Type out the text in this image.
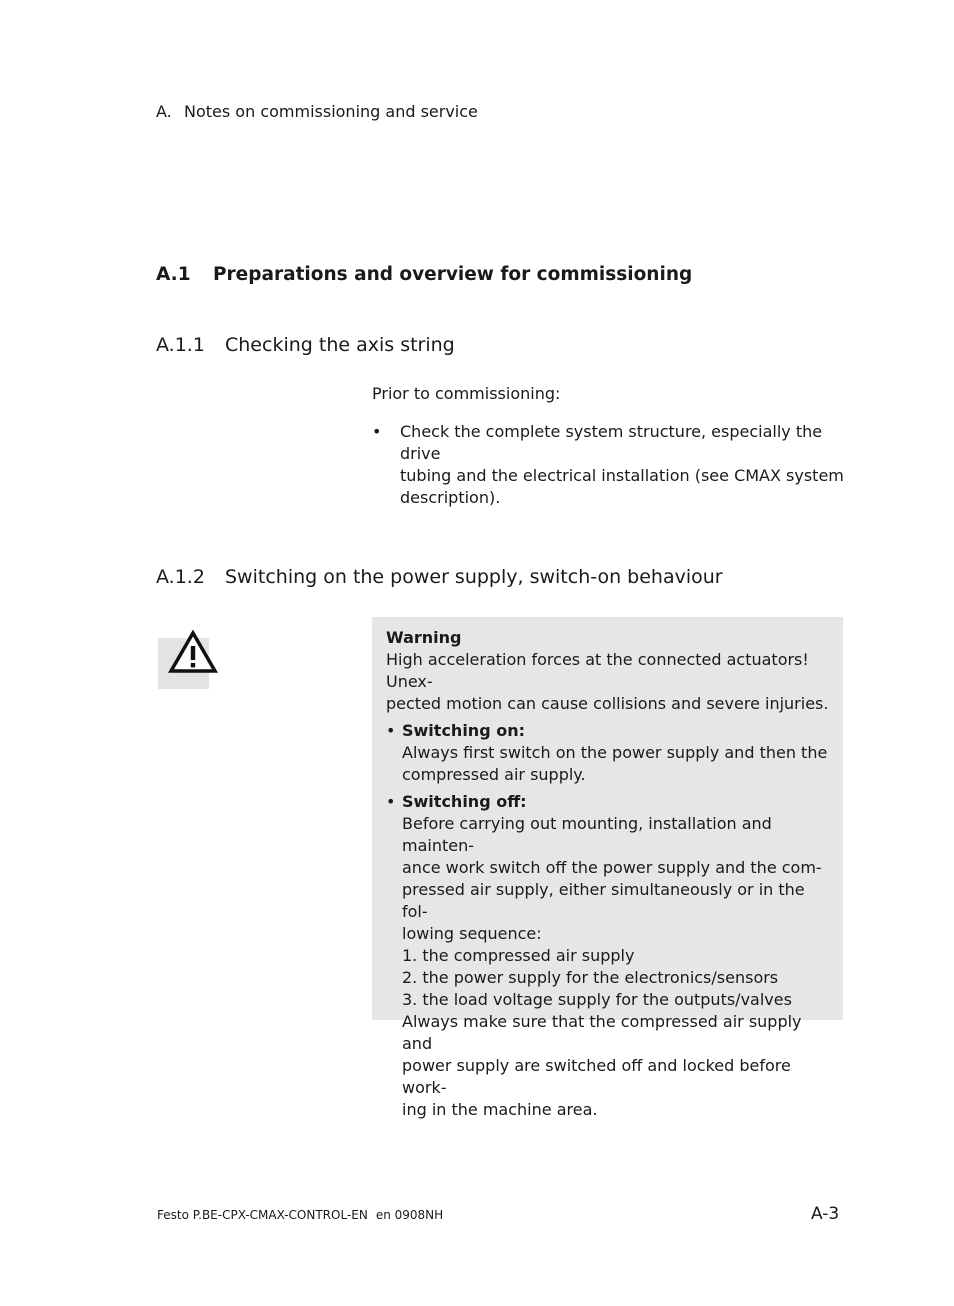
A. Notes on commissioning and service
A.1 Preparations and overview for commissioning
A.1.1 Checking the axis string
Prior to commissioning:
• Check the complete system structure, especially the drive
tubing and the electrical installation (see CMAX system
description).
A.1.2 Switching on the power supply, switch-on behaviour
Warning
High acceleration forces at the connected actuators! Unex-
pected motion can cause collisions and severe injuries.
• Switching on:
Always first switch on the power supply and then the
compressed air supply.
• Switching off:
Before carrying out mounting, installation and mainten-
ance work switch off the power supply and the com-
pressed air supply, either simultaneously or in the fol-
lowing sequence:
1. the compressed air supply
2. the power supply for the electronics/sensors
3. the load voltage supply for the outputs/valves
Always make sure that the compressed air supply and
power supply are switched off and locked before work-
ing in the machine area.
Festo P.BE-CPX-CMAX-CONTROL-EN en 0908NH	A-3
